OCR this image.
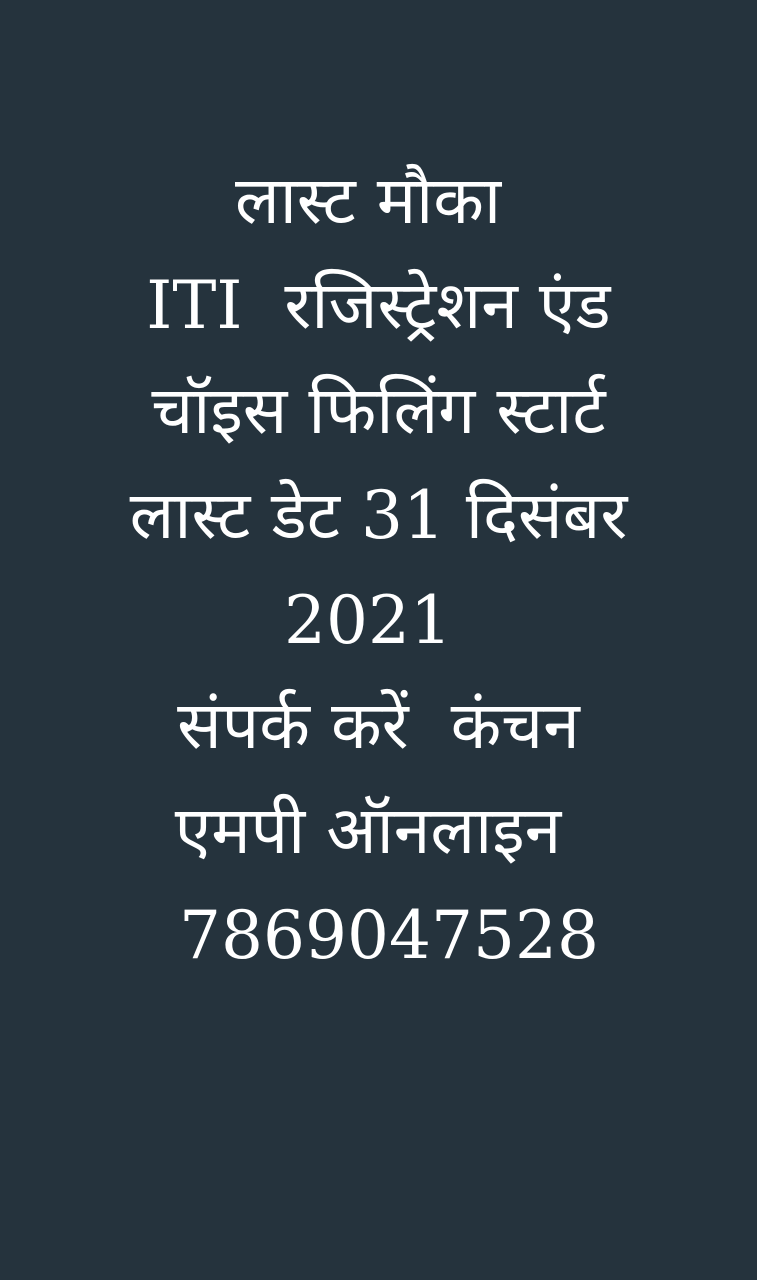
लास्ट मौका
ITI  रजिस्ट्रेशन एंड
चॉइस फिलिंग स्टार्ट
लास्ट डेट 31 दिसंबर
2021
संपर्क करें  कंचन
एमपी ऑनलाइन
7869047528
